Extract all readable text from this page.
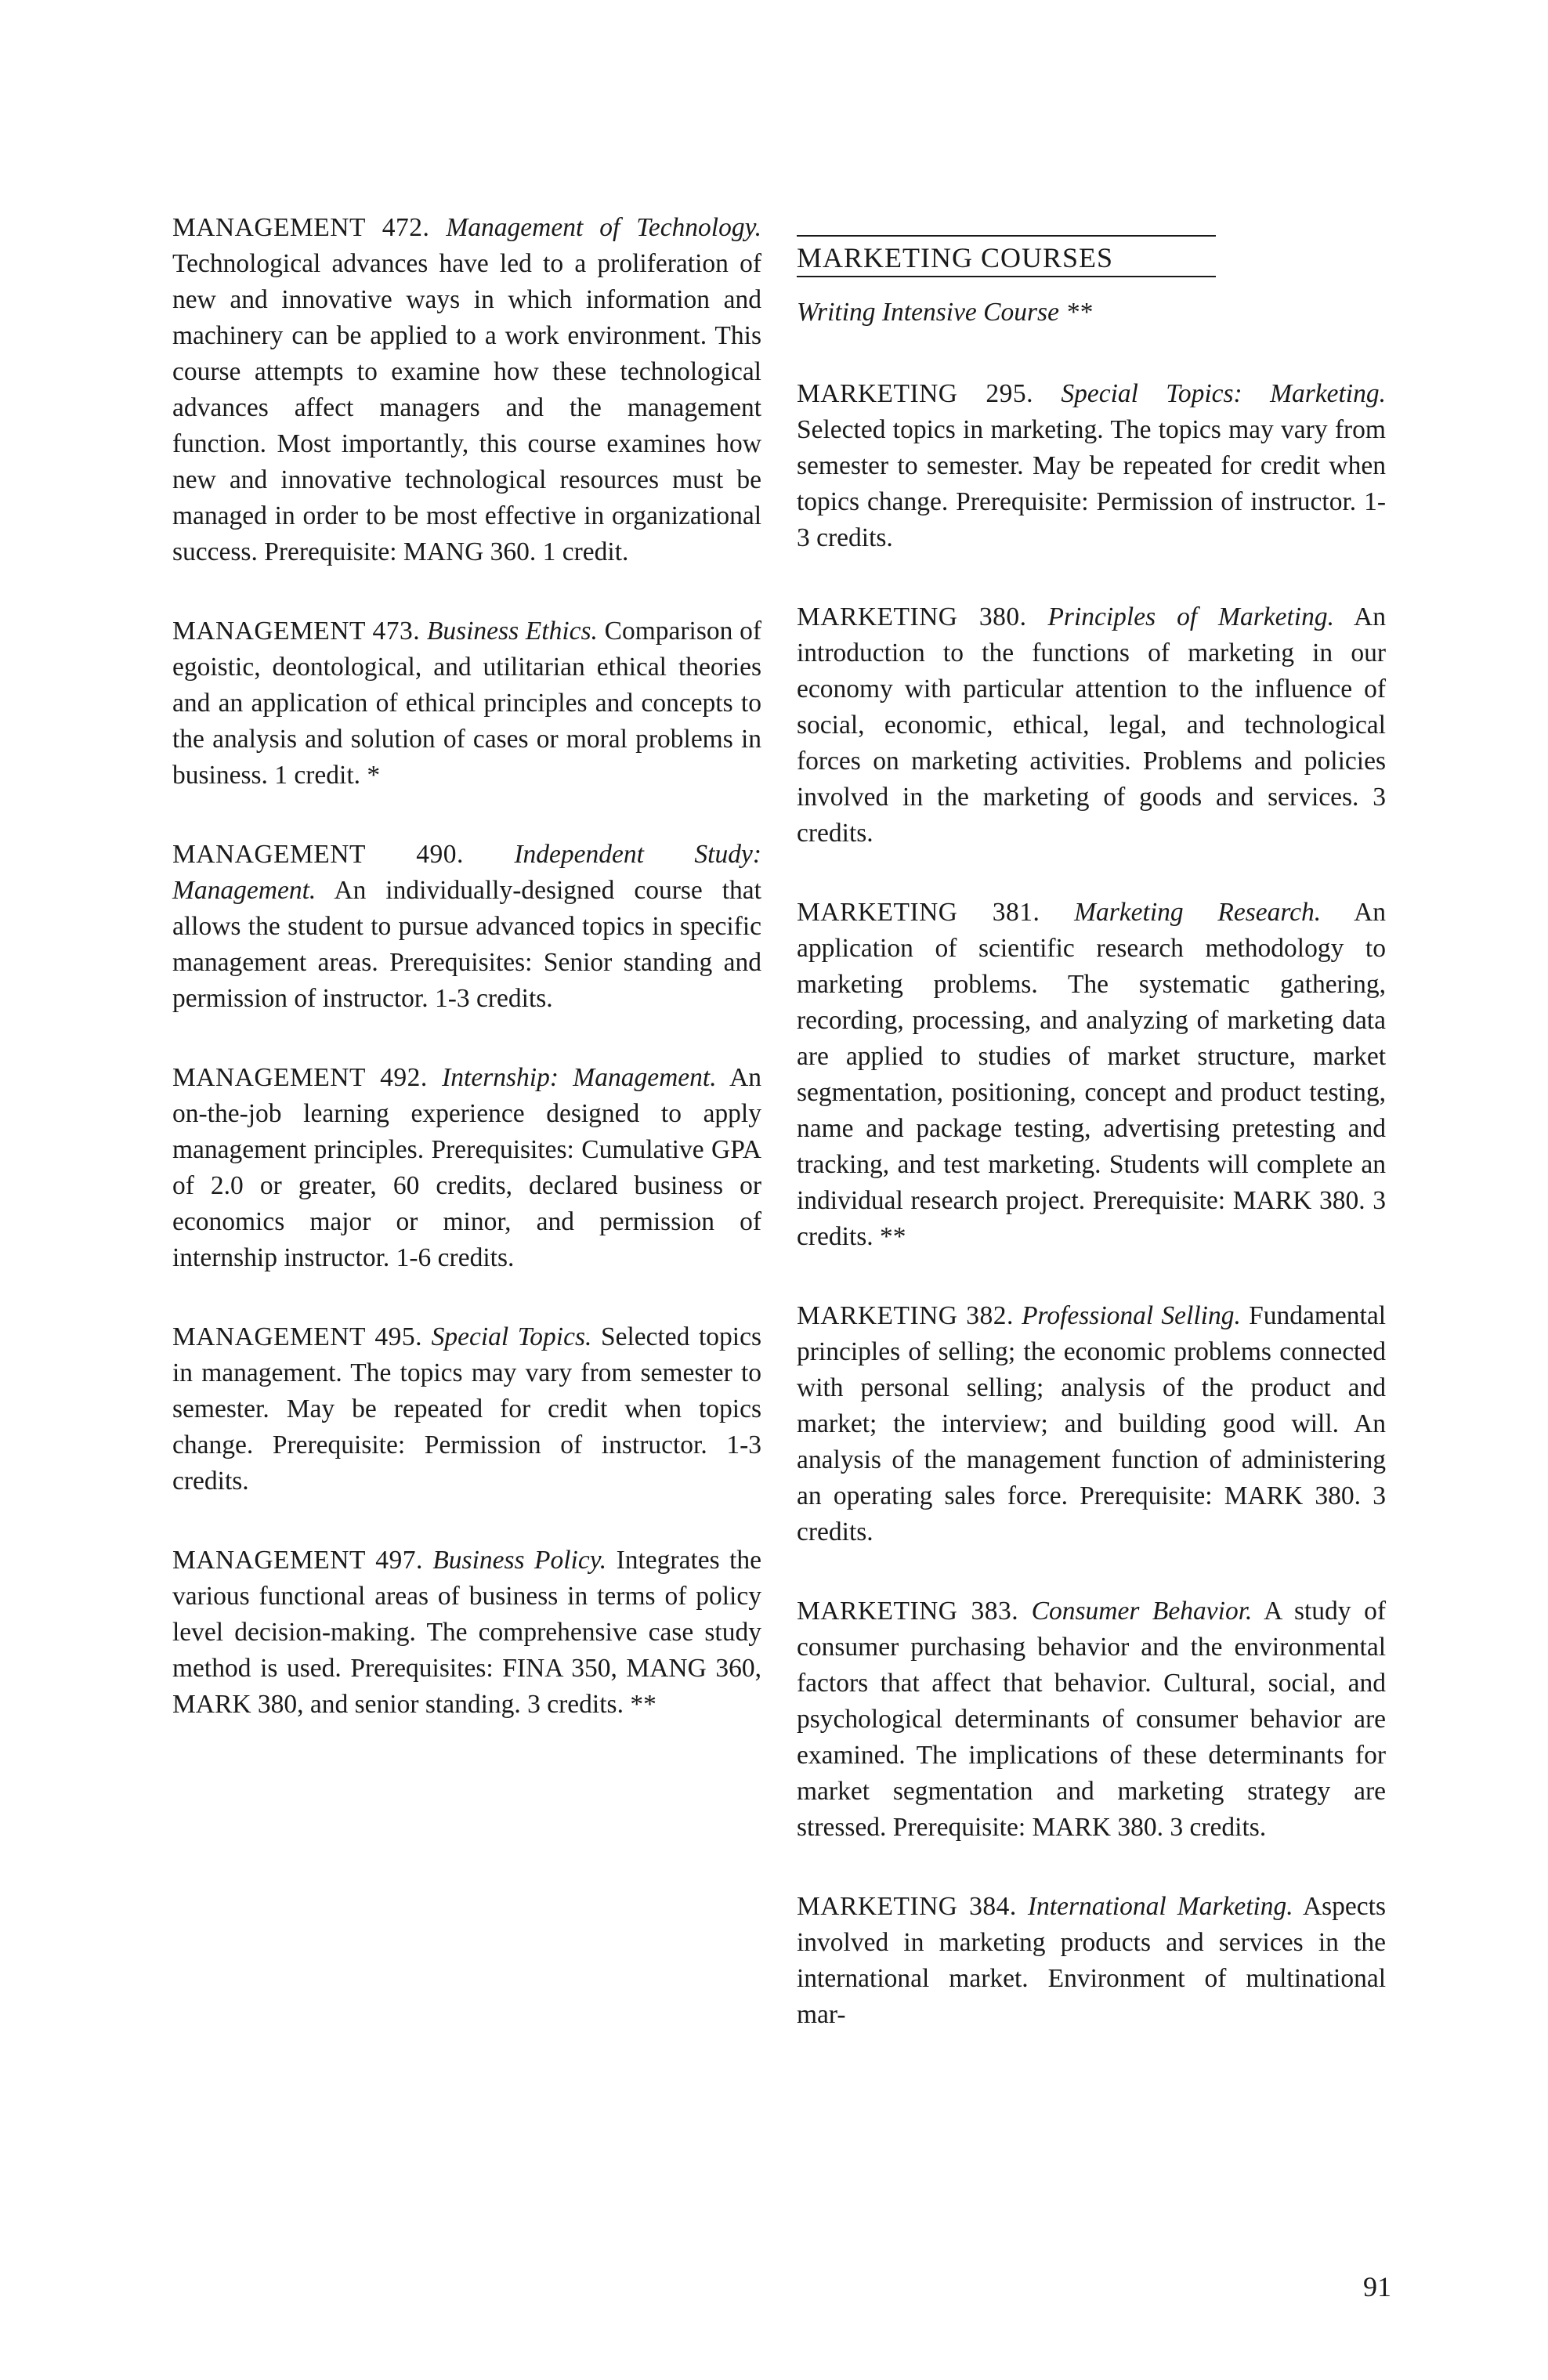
MANAGEMENT 472. Management of Technology. Technological advances have led to a proliferation of new and innovative ways in which information and machinery can be applied to a work environment. This course attempts to examine how these technological advances affect managers and the management function. Most importantly, this course examines how new and innovative technological resources must be managed in order to be most effective in organizational success. Prerequisite: MANG 360. 1 credit.

MANAGEMENT 473. Business Ethics. Comparison of egoistic, deontological, and utilitarian ethical theories and an application of ethical principles and concepts to the analysis and solution of cases or moral problems in business. 1 credit. *

MANAGEMENT 490. Independent Study: Management. An individually-designed course that allows the student to pursue advanced topics in specific management areas. Prerequisites: Senior standing and permission of instructor. 1-3 credits.

MANAGEMENT 492. Internship: Management. An on-the-job learning experience designed to apply management principles. Prerequisites: Cumulative GPA of 2.0 or greater, 60 credits, declared business or economics major or minor, and permission of internship instructor. 1-6 credits.

MANAGEMENT 495. Special Topics. Selected topics in management. The topics may vary from semester to semester. May be repeated for credit when topics change. Prerequisite: Permission of instructor. 1-3 credits.

MANAGEMENT 497. Business Policy. Integrates the various functional areas of business in terms of policy level decision-making. The comprehensive case study method is used. Prerequisites: FINA 350, MANG 360, MARK 380, and senior standing. 3 credits. **

MARKETING COURSES
Writing Intensive Course **

MARKETING 295. Special Topics: Marketing. Selected topics in marketing. The topics may vary from semester to semester. May be repeated for credit when topics change. Prerequisite: Permission of instructor. 1-3 credits.

MARKETING 380. Principles of Marketing. An introduction to the functions of marketing in our economy with particular attention to the influence of social, economic, ethical, legal, and technological forces on marketing activities. Problems and policies involved in the marketing of goods and services. 3 credits.

MARKETING 381. Marketing Research. An application of scientific research methodology to marketing problems. The systematic gathering, recording, processing, and analyzing of marketing data are applied to studies of market structure, market segmentation, positioning, concept and product testing, name and package testing, advertising pretesting and tracking, and test marketing. Students will complete an individual research project. Prerequisite: MARK 380. 3 credits. **

MARKETING 382. Professional Selling. Fundamental principles of selling; the economic problems connected with personal selling; analysis of the product and market; the interview; and building good will. An analysis of the management function of administering an operating sales force. Prerequisite: MARK 380. 3 credits.

MARKETING 383. Consumer Behavior. A study of consumer purchasing behavior and the environmental factors that affect that behavior. Cultural, social, and psychological determinants of consumer behavior are examined. The implications of these determinants for market segmentation and marketing strategy are stressed. Prerequisite: MARK 380. 3 credits.

MARKETING 384. International Marketing. Aspects involved in marketing products and services in the international market. Environment of multinational mar-

91
